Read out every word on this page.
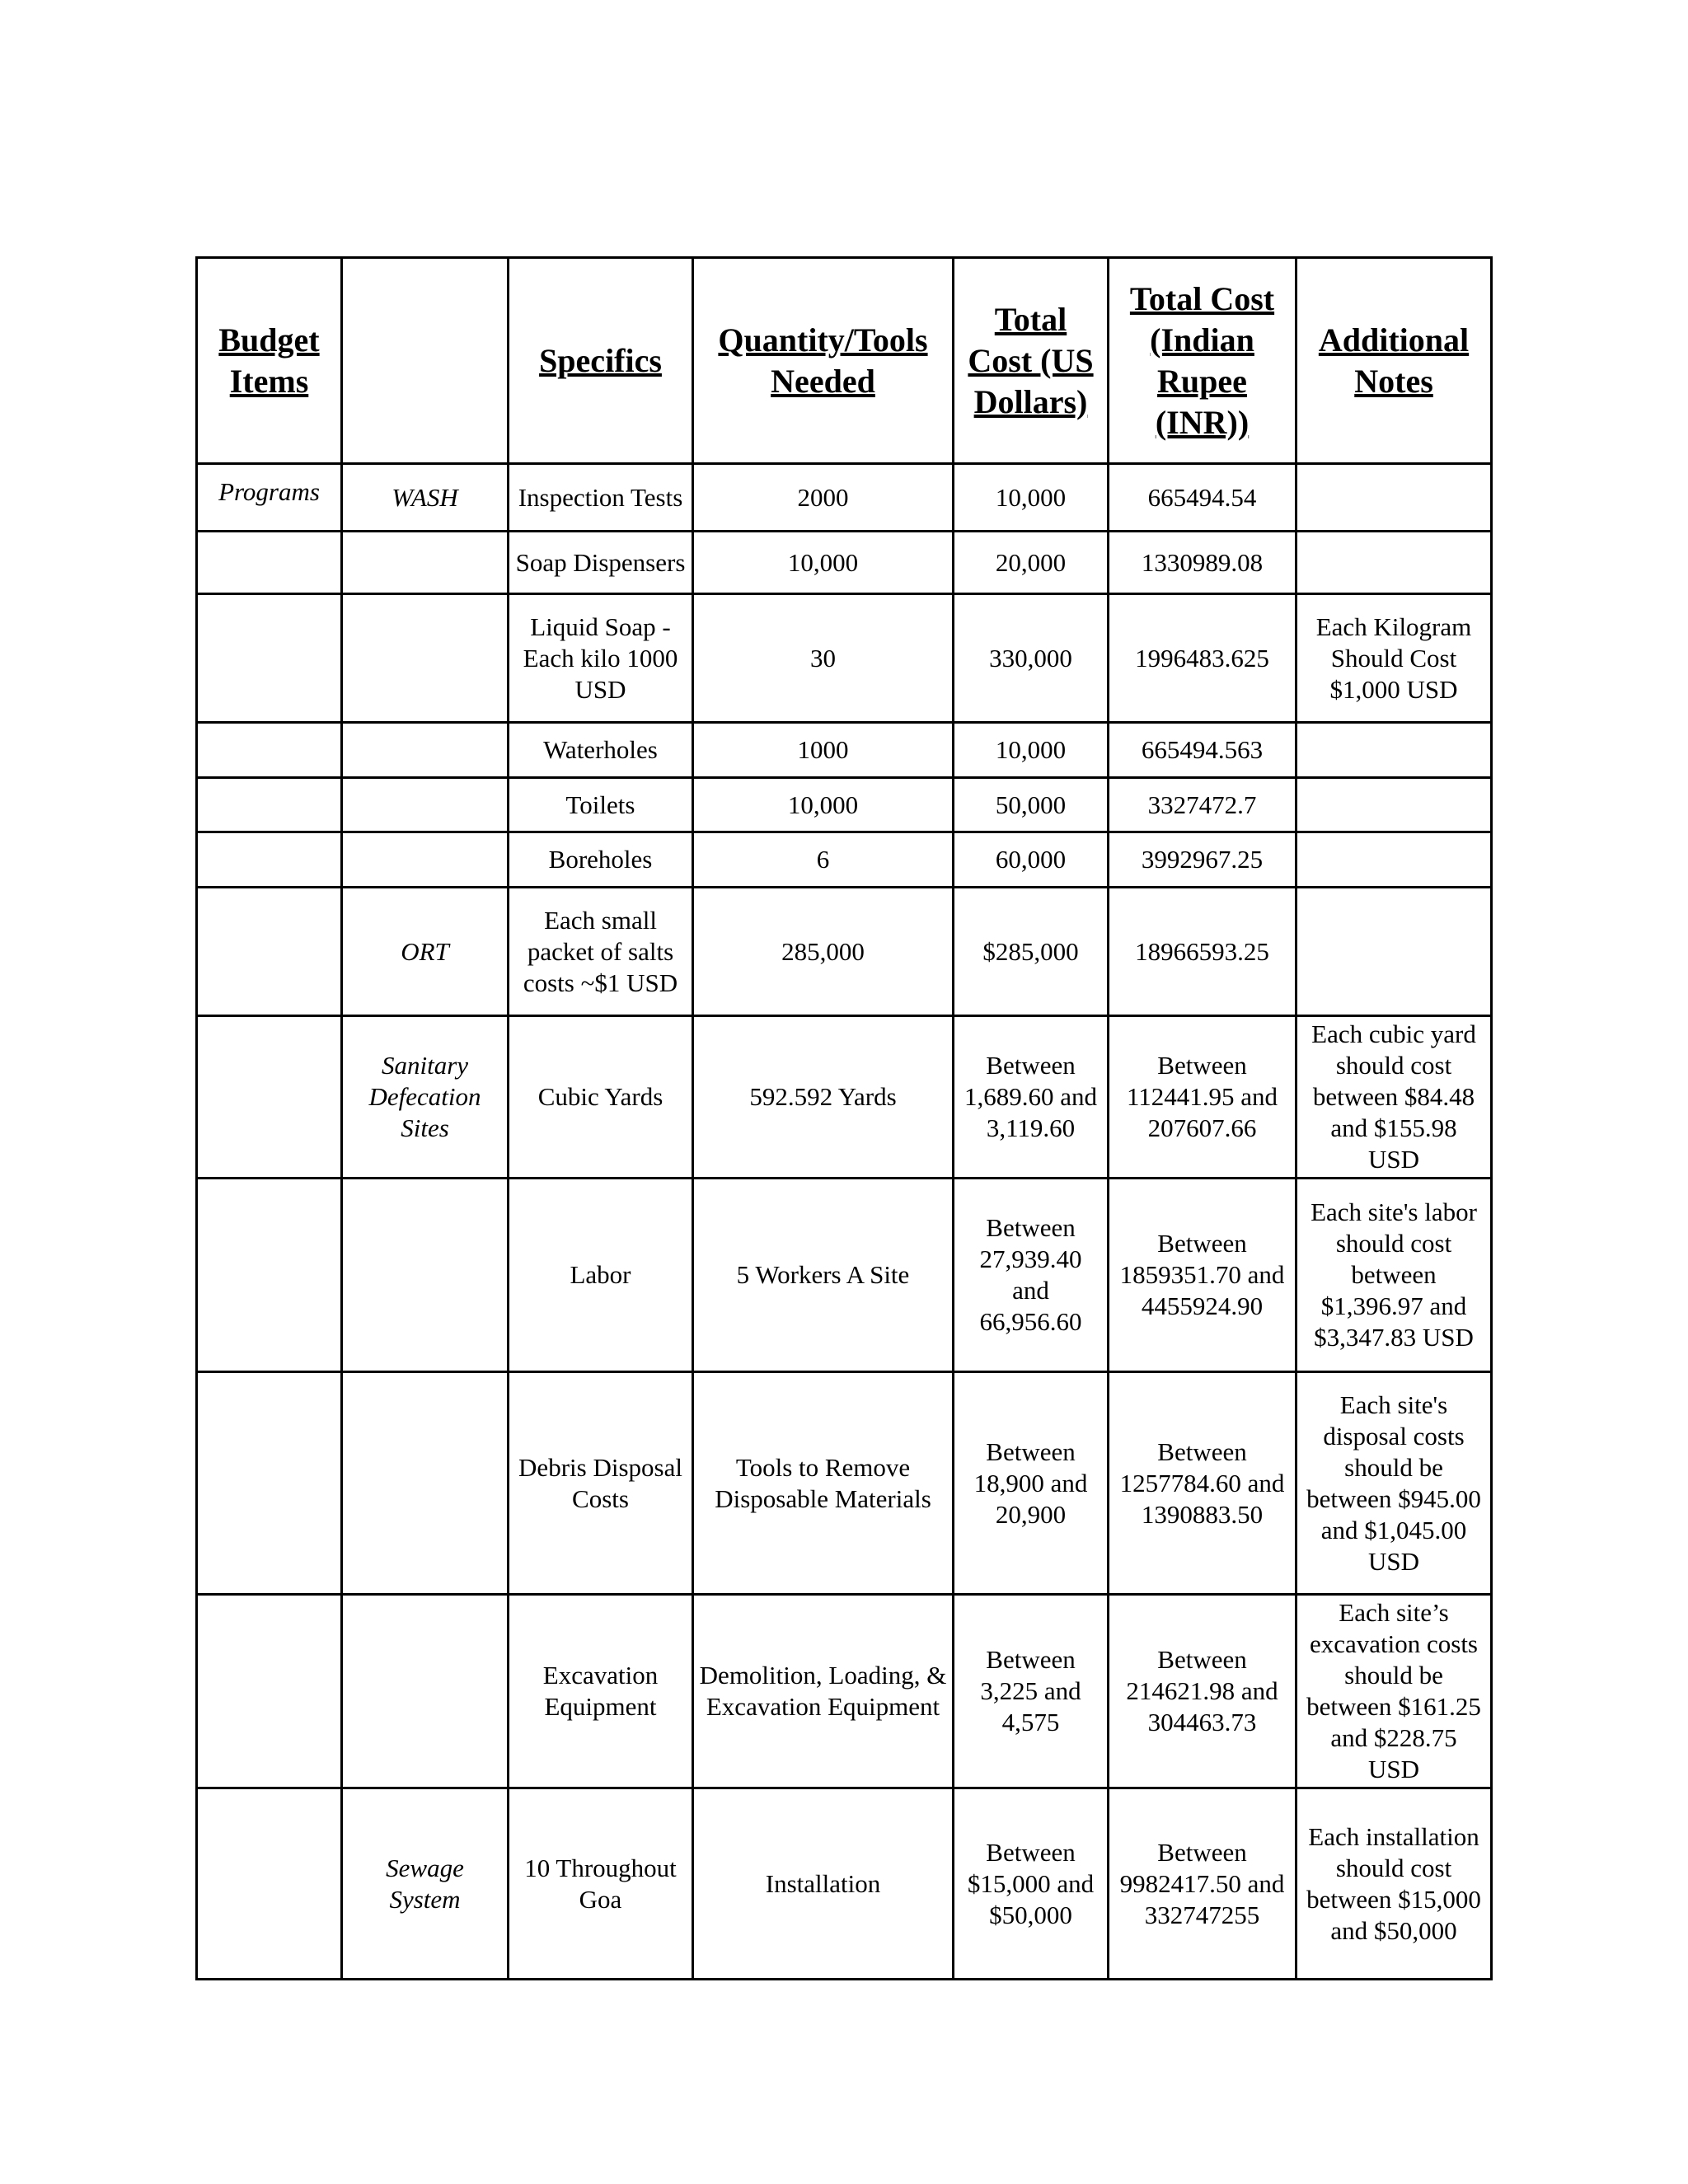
Budget Items		Specifics	Quantity/Tools Needed	Total Cost (US Dollars)	Total Cost (Indian Rupee (INR))	Additional Notes
Programs	WASH	Inspection Tests	2000	10,000	665494.54	
		Soap Dispensers	10,000	20,000	1330989.08	
		Liquid Soap - Each kilo 1000 USD	30	330,000	1996483.625	Each Kilogram Should Cost $1,000 USD
		Waterholes	1000	10,000	665494.563	
		Toilets	10,000	50,000	3327472.7	
		Boreholes	6	60,000	3992967.25	
	ORT	Each small packet of salts costs ~$1 USD	285,000	$285,000	18966593.25	
	Sanitary Defecation Sites	Cubic Yards	592.592 Yards	Between 1,689.60 and 3,119.60	Between 112441.95 and 207607.66	Each cubic yard should cost between $84.48 and $155.98 USD
		Labor	5 Workers A Site	Between 27,939.40 and 66,956.60	Between 1859351.70 and 4455924.90	Each site's labor should cost between $1,396.97 and $3,347.83 USD
		Debris Disposal Costs	Tools to Remove Disposable Materials	Between 18,900 and 20,900	Between 1257784.60 and 1390883.50	Each site's disposal costs should be between $945.00 and $1,045.00 USD
		Excavation Equipment	Demolition, Loading, & Excavation Equipment	Between 3,225 and 4,575	Between 214621.98 and 304463.73	Each site’s excavation costs should be between $161.25 and $228.75 USD
	Sewage System	10 Throughout Goa	Installation	Between $15,000 and $50,000	Between 9982417.50 and 332747255	Each installation should cost between $15,000 and $50,000
